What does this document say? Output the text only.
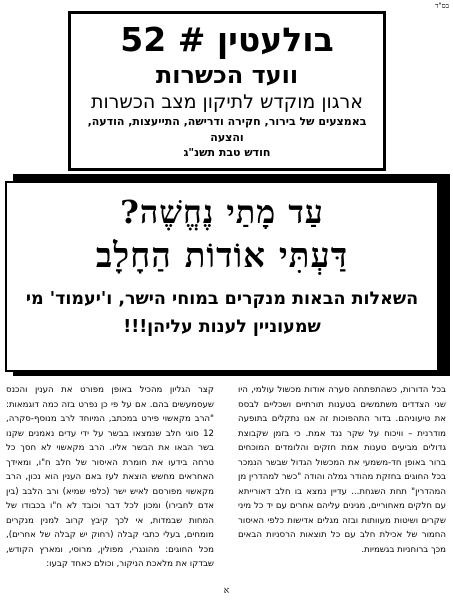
בס"ד
בולעטין # 52
וועד הכשרות
ארגון מוקדש לתיקון מצב הכשרות
באמצעים של בירור, חקירה ודרישה, התייעצות, הודעה, והצעה
חודש טבת תשנ"ג
עַד מָתַי נֶחֱשֶׁה?
דַּעְתִּי אוֹדוֹת הַחָלָב
השאלות הבאות מנקרים במוחי הישר, ו'יעמוד' מי שמעוניין לענות עליהן!!!

בכל הדורות, כשהתפתחה סערה אודות מכשול עולמי, היו שני הצדדים משתמשים בטענות תורתיים ושכליים לבסס את טיעוניהם. בדור התהפוכות זה אנו נתקלים בתופעה מודרנית – וויכוח על שקר נגד אמת. כי בזמן שקבוצת גדולים מביעים טענות אמת חזקים והלומדים המוכחים ברור באופן חד-משמעי את המכשול הגדול שבשר הנמכר בכל החוגים בחזקת מהודר גמלה והודה "כשר למהדרין מן המהדרין" תחת השגחת... עדיין נמצא בו חלב דאורייתא עם חלקים מאחוריים, מגינים עליהם אחרים עם יד כל מיני שקרים ושיטות מעוותות ובזה מגלים אדישות כלפי האיסור החמור של אכילת חלב עם כל תוצאות הרסניות הבאים מכך ברוחניות בגשמיות.

קצר הגליון מהכיל באופן מפורט את הענין והכנס שעסמעשים בהם. אם על פי כן נפרט בזה כמה דוגמאות: "הרב מקאשוי פירט במכתב, המיוחד לרב מנוסף-סקרה, 12 סוגי חלב שנמצאו בבשר על ידי עדים נאמנים שקנו בשר הבאו את הבשר אליו. הרב מקאשוי לא חסך כל טרחה בידעו את חומרת האיסור של חלב ח"ו, ומאידך האחראים מחשש הוצאת לעז באם הענין הוא נכון, הרב מקאשוי מפורסם לאיש ישר (כלפי שמיא) ורב הלבב (בין אדם לחבירו) ומכון לכל דבר וכובד לא ח"ו בכבודו של המחות שבמדות, אי לכך קיבץ קרוב למנין מנקרים מומחים, בעלי כתבי קבלה (רחוק יש קבלה של אחרים), מכל החוגים: מהונגרי, מפולין, מרוסי, ומארץ הקודש, שבדקו את מלאכת הניקור, וכולם כאחד קבעו:

א
